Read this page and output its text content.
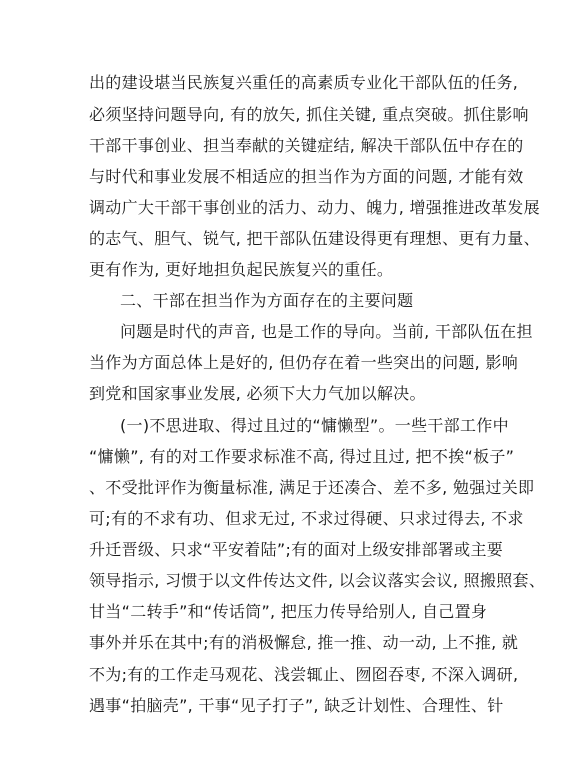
出的建设堪当民族复兴重任的高素质专业化干部队伍的任务,
必须坚持问题导向, 有的放矢, 抓住关键, 重点突破。抓住影响
干部干事创业、担当奉献的关键症结, 解决干部队伍中存在的
与时代和事业发展不相适应的担当作为方面的问题, 才能有效
调动广大干部干事创业的活力、动力、魄力, 增强推进改革发展
的志气、胆气、锐气, 把干部队伍建设得更有理想、更有力量、
更有作为, 更好地担负起民族复兴的重任。
二、干部在担当作为方面存在的主要问题
问题是时代的声音, 也是工作的导向。当前, 干部队伍在担
当作为方面总体上是好的, 但仍存在着一些突出的问题, 影响
到党和国家事业发展, 必须下大力气加以解决。
(一)不思进取、得过且过的“慵懒型”。一些干部工作中
“慵懒”, 有的对工作要求标准不高, 得过且过, 把不挨“板子”
、不受批评作为衡量标准, 满足于还凑合、差不多, 勉强过关即
可;有的不求有功、但求无过, 不求过得硬、只求过得去, 不求
升迁晋级、只求“平安着陆”;有的面对上级安排部署或主要
领导指示, 习惯于以文件传达文件, 以会议落实会议, 照搬照套、
甘当“二转手”和“传话筒”, 把压力传导给别人, 自己置身
事外并乐在其中;有的消极懈怠, 推一推、动一动, 上不推, 就
不为;有的工作走马观花、浅尝辄止、囫囵吞枣, 不深入调研,
遇事“拍脑壳”, 干事“见子打子”, 缺乏计划性、合理性、针
